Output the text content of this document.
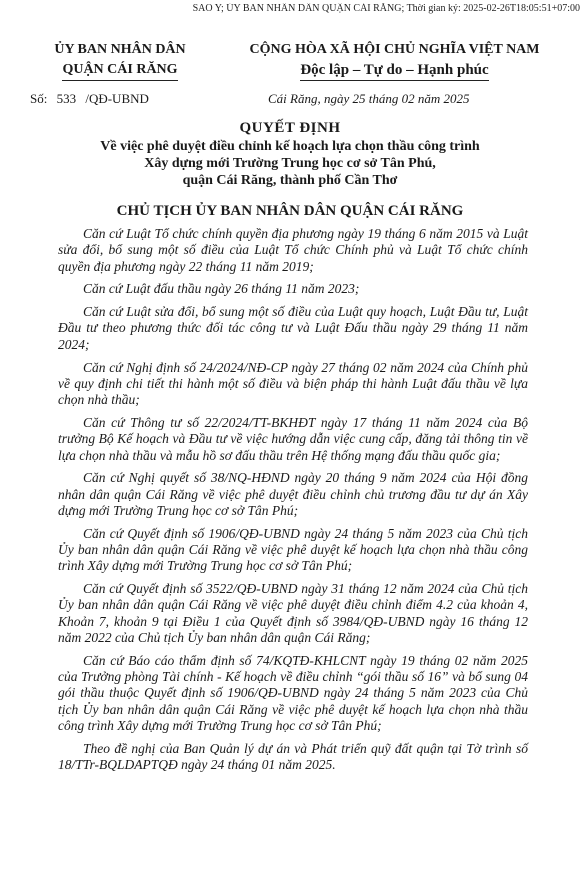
SAO Y; ỦY BAN NHÂN DÂN QUẬN CÁI RĂNG; Thời gian ký: 2025-02-26T18:05:51+07:00
ỦY BAN NHÂN DÂN
QUẬN CÁI RĂNG
CỘNG HÒA XÃ HỘI CHỦ NGHĨA VIỆT NAM
Độc lập – Tự do – Hạnh phúc
Số: 533 /QĐ-UBND	Cái Răng, ngày 25 tháng 02 năm 2025
QUYẾT ĐỊNH
Về việc phê duyệt điều chỉnh kế hoạch lựa chọn thầu công trình
Xây dựng mới Trường Trung học cơ sở Tân Phú,
quận Cái Răng, thành phố Cần Thơ
CHỦ TỊCH ỦY BAN NHÂN DÂN QUẬN CÁI RĂNG

Căn cứ Luật Tổ chức chính quyền địa phương ngày 19 tháng 6 năm 2015 và Luật sửa đổi, bổ sung một số điều của Luật Tổ chức Chính phủ và Luật Tổ chức chính quyền địa phương ngày 22 tháng 11 năm 2019;

Căn cứ Luật đấu thầu ngày 26 tháng 11 năm 2023;

Căn cứ Luật sửa đổi, bổ sung một số điều của Luật quy hoạch, Luật Đầu tư, Luật Đầu tư theo phương thức đối tác công tư và Luật Đấu thầu ngày 29 tháng 11 năm 2024;

Căn cứ Nghị định số 24/2024/NĐ-CP ngày 27 tháng 02 năm 2024 của Chính phủ về quy định chi tiết thi hành một số điều và biện pháp thi hành Luật đấu thầu về lựa chọn nhà thầu;

Căn cứ Thông tư số 22/2024/TT-BKHĐT ngày 17 tháng 11 năm 2024 của Bộ trưởng Bộ Kế hoạch và Đầu tư về việc hướng dẫn việc cung cấp, đăng tải thông tin về lựa chọn nhà thầu và mẫu hồ sơ đấu thầu trên Hệ thống mạng đấu thầu quốc gia;

Căn cứ Nghị quyết số 38/NQ-HĐND ngày 20 tháng 9 năm 2024 của Hội đồng nhân dân quận Cái Răng về việc phê duyệt điều chỉnh chủ trương đầu tư dự án Xây dựng mới Trường Trung học cơ sở Tân Phú;

Căn cứ Quyết định số 1906/QĐ-UBND ngày 24 tháng 5 năm 2023 của Chủ tịch Ủy ban nhân dân quận Cái Răng về việc phê duyệt kế hoạch lựa chọn nhà thầu công trình Xây dựng mới Trường Trung học cơ sở Tân Phú;

Căn cứ Quyết định số 3522/QĐ-UBND ngày 31 tháng 12 năm 2024 của Chủ tịch Ủy ban nhân dân quận Cái Răng về việc phê duyệt điều chỉnh điểm 4.2 của khoản 4, Khoản 7, khoản 9 tại Điều 1 của Quyết định số 3984/QĐ-UBND ngày 16 tháng 12 năm 2022 của Chủ tịch Ủy ban nhân dân quận Cái Răng;

Căn cứ Báo cáo thẩm định số 74/KQTĐ-KHLCNT ngày 19 tháng 02 năm 2025 của Trưởng phòng Tài chính - Kế hoạch về điều chỉnh “gói thầu số 16” và bổ sung 04 gói thầu thuộc Quyết định số 1906/QĐ-UBND ngày 24 tháng 5 năm 2023 của Chủ tịch Ủy ban nhân dân quận Cái Răng về việc phê duyệt kế hoạch lựa chọn nhà thầu công trình Xây dựng mới Trường Trung học cơ sở Tân Phú;

Theo đề nghị của Ban Quản lý dự án và Phát triển quỹ đất quận tại Tờ trình số 18/TTr-BQLDAPTQĐ ngày 24 tháng 01 năm 2025.
